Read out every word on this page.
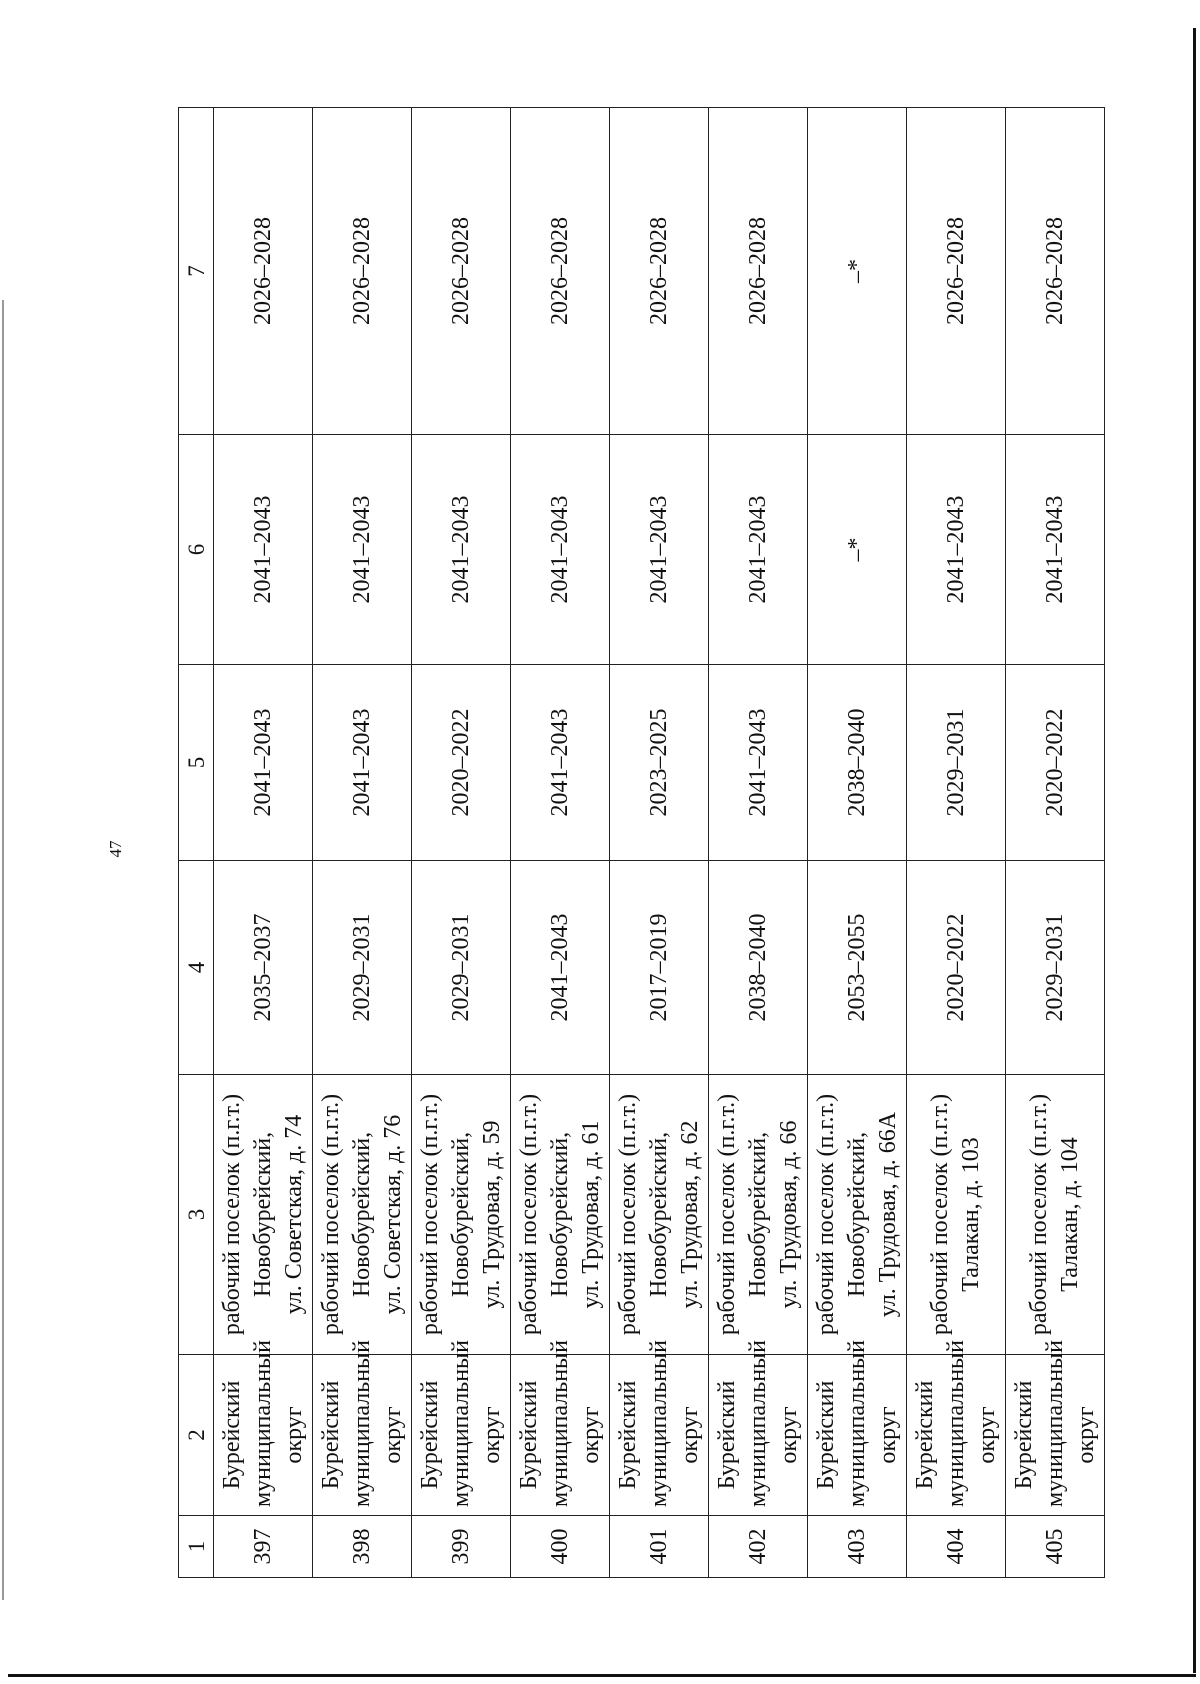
47
1	2	3	4	5	6	7
397	Бурейский
муниципальный
округ	рабочий поселок (п.г.т.)
Новобурейский,
ул. Советская, д. 74	2035–2037	2041–2043	2041–2043	2026–2028
398	Бурейский
муниципальный
округ	рабочий поселок (п.г.т.)
Новобурейский,
ул. Советская, д. 76	2029–2031	2041–2043	2041–2043	2026–2028
399	Бурейский
муниципальный
округ	рабочий поселок (п.г.т.)
Новобурейский,
ул. Трудовая, д. 59	2029–2031	2020–2022	2041–2043	2026–2028
400	Бурейский
муниципальный
округ	рабочий поселок (п.г.т.)
Новобурейский,
ул. Трудовая, д. 61	2041–2043	2041–2043	2041–2043	2026–2028
401	Бурейский
муниципальный
округ	рабочий поселок (п.г.т.)
Новобурейский,
ул. Трудовая, д. 62	2017–2019	2023–2025	2041–2043	2026–2028
402	Бурейский
муниципальный
округ	рабочий поселок (п.г.т.)
Новобурейский,
ул. Трудовая, д. 66	2038–2040	2041–2043	2041–2043	2026–2028
403	Бурейский
муниципальный
округ	рабочий поселок (п.г.т.)
Новобурейский,
ул. Трудовая, д. 66А	2053–2055	2038–2040	–*	–*
404	Бурейский
муниципальный
округ	рабочий поселок (п.г.т.)
Талакан, д. 103	2020–2022	2029–2031	2041–2043	2026–2028
405	Бурейский
муниципальный
округ	рабочий поселок (п.г.т.)
Талакан, д. 104	2029–2031	2020–2022	2041–2043	2026–2028
